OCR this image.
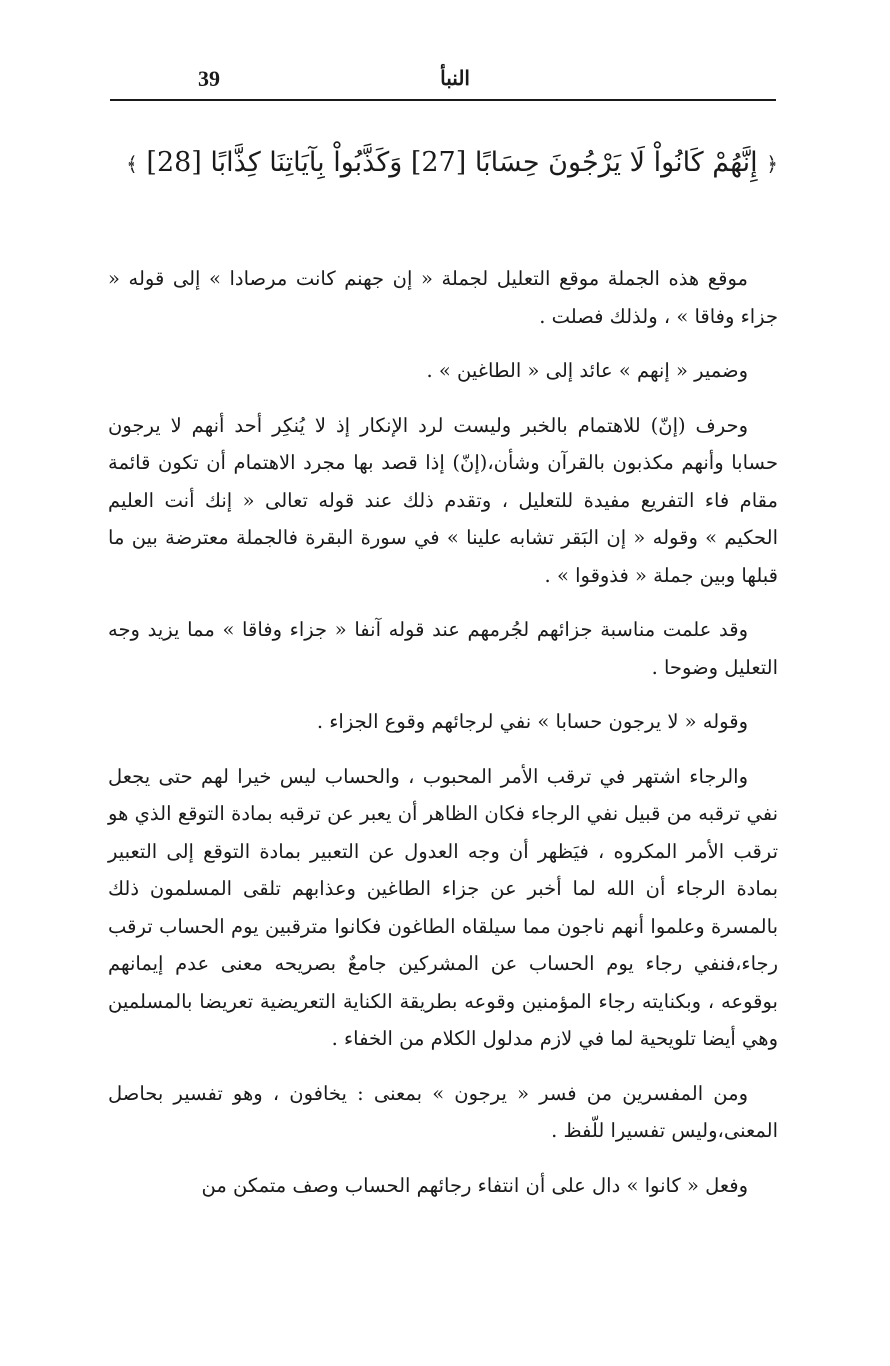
39	النبأ
﴿ إِنَّهُمْ كَانُواْ لَا يَرْجُونَ حِسَابًا [27] وَكَذَّبُواْ بِآيَاتِنَا كِذَّابًا [28] ﴾

موقع هذه الجملة موقع التعليل لجملة « إن جهنم كانت مرصادا » إلى قوله « جزاء وفاقا » ، ولذلك فصلت .

وضمير « إنهم » عائد إلى « الطاغين » .

وحرف (إنّ) للاهتمام بالخبر وليست لرد الإنكار إذ لا يُنكِر أحد أنهم لا يرجون حسابا وأنهم مكذبون بالقرآن وشأن،(إنّ) إذا قصد بها مجرد الاهتمام أن تكون قائمة مقام فاء التفريع مفيدة للتعليل ، وتقدم ذلك عند قوله تعالى « إنك أنت العليم الحكيم » وقوله « إن البَقر تشابه علينا » في سورة البقرة فالجملة معترضة بين ما قبلها وبين جملة « فذوقوا » .

وقد علمت مناسبة جزائهم لجُرمهم عند قوله آنفا « جزاء وفاقا » مما يزيد وجه التعليل وضوحا .

وقوله « لا يرجون حسابا » نفي لرجائهم وقوع الجزاء .

والرجاء اشتهر في ترقب الأمر المحبوب ، والحساب ليس خيرا لهم حتى يجعل نفي ترقبه من قبيل نفي الرجاء فكان الظاهر أن يعبر عن ترقبه بمادة التوقع الذي هو ترقب الأمر المكروه ، فيَظهر أن وجه العدول عن التعبير بمادة التوقع إلى التعبير بمادة الرجاء أن الله لما أخبر عن جزاء الطاغين وعذابهم تلقى المسلمون ذلك بالمسرة وعلموا أنهم ناجون مما سيلقاه الطاغون فكانوا مترقبين يوم الحساب ترقب رجاء،فنفي رجاء يوم الحساب عن المشركين جامعٌ بصريحه معنى عدم إيمانهم بوقوعه ، وبكنايته رجاء المؤمنين وقوعه بطريقة الكناية التعريضية تعريضا بالمسلمين وهي أيضا تلويحية لما في لازم مدلول الكلام من الخفاء .

ومن المفسرين من فسر « يرجون » بمعنى : يخافون ، وهو تفسير بحاصل المعنى،وليس تفسيرا للّفظ .

وفعل « كانوا » دال على أن انتفاء رجائهم الحساب وصف متمكن من
